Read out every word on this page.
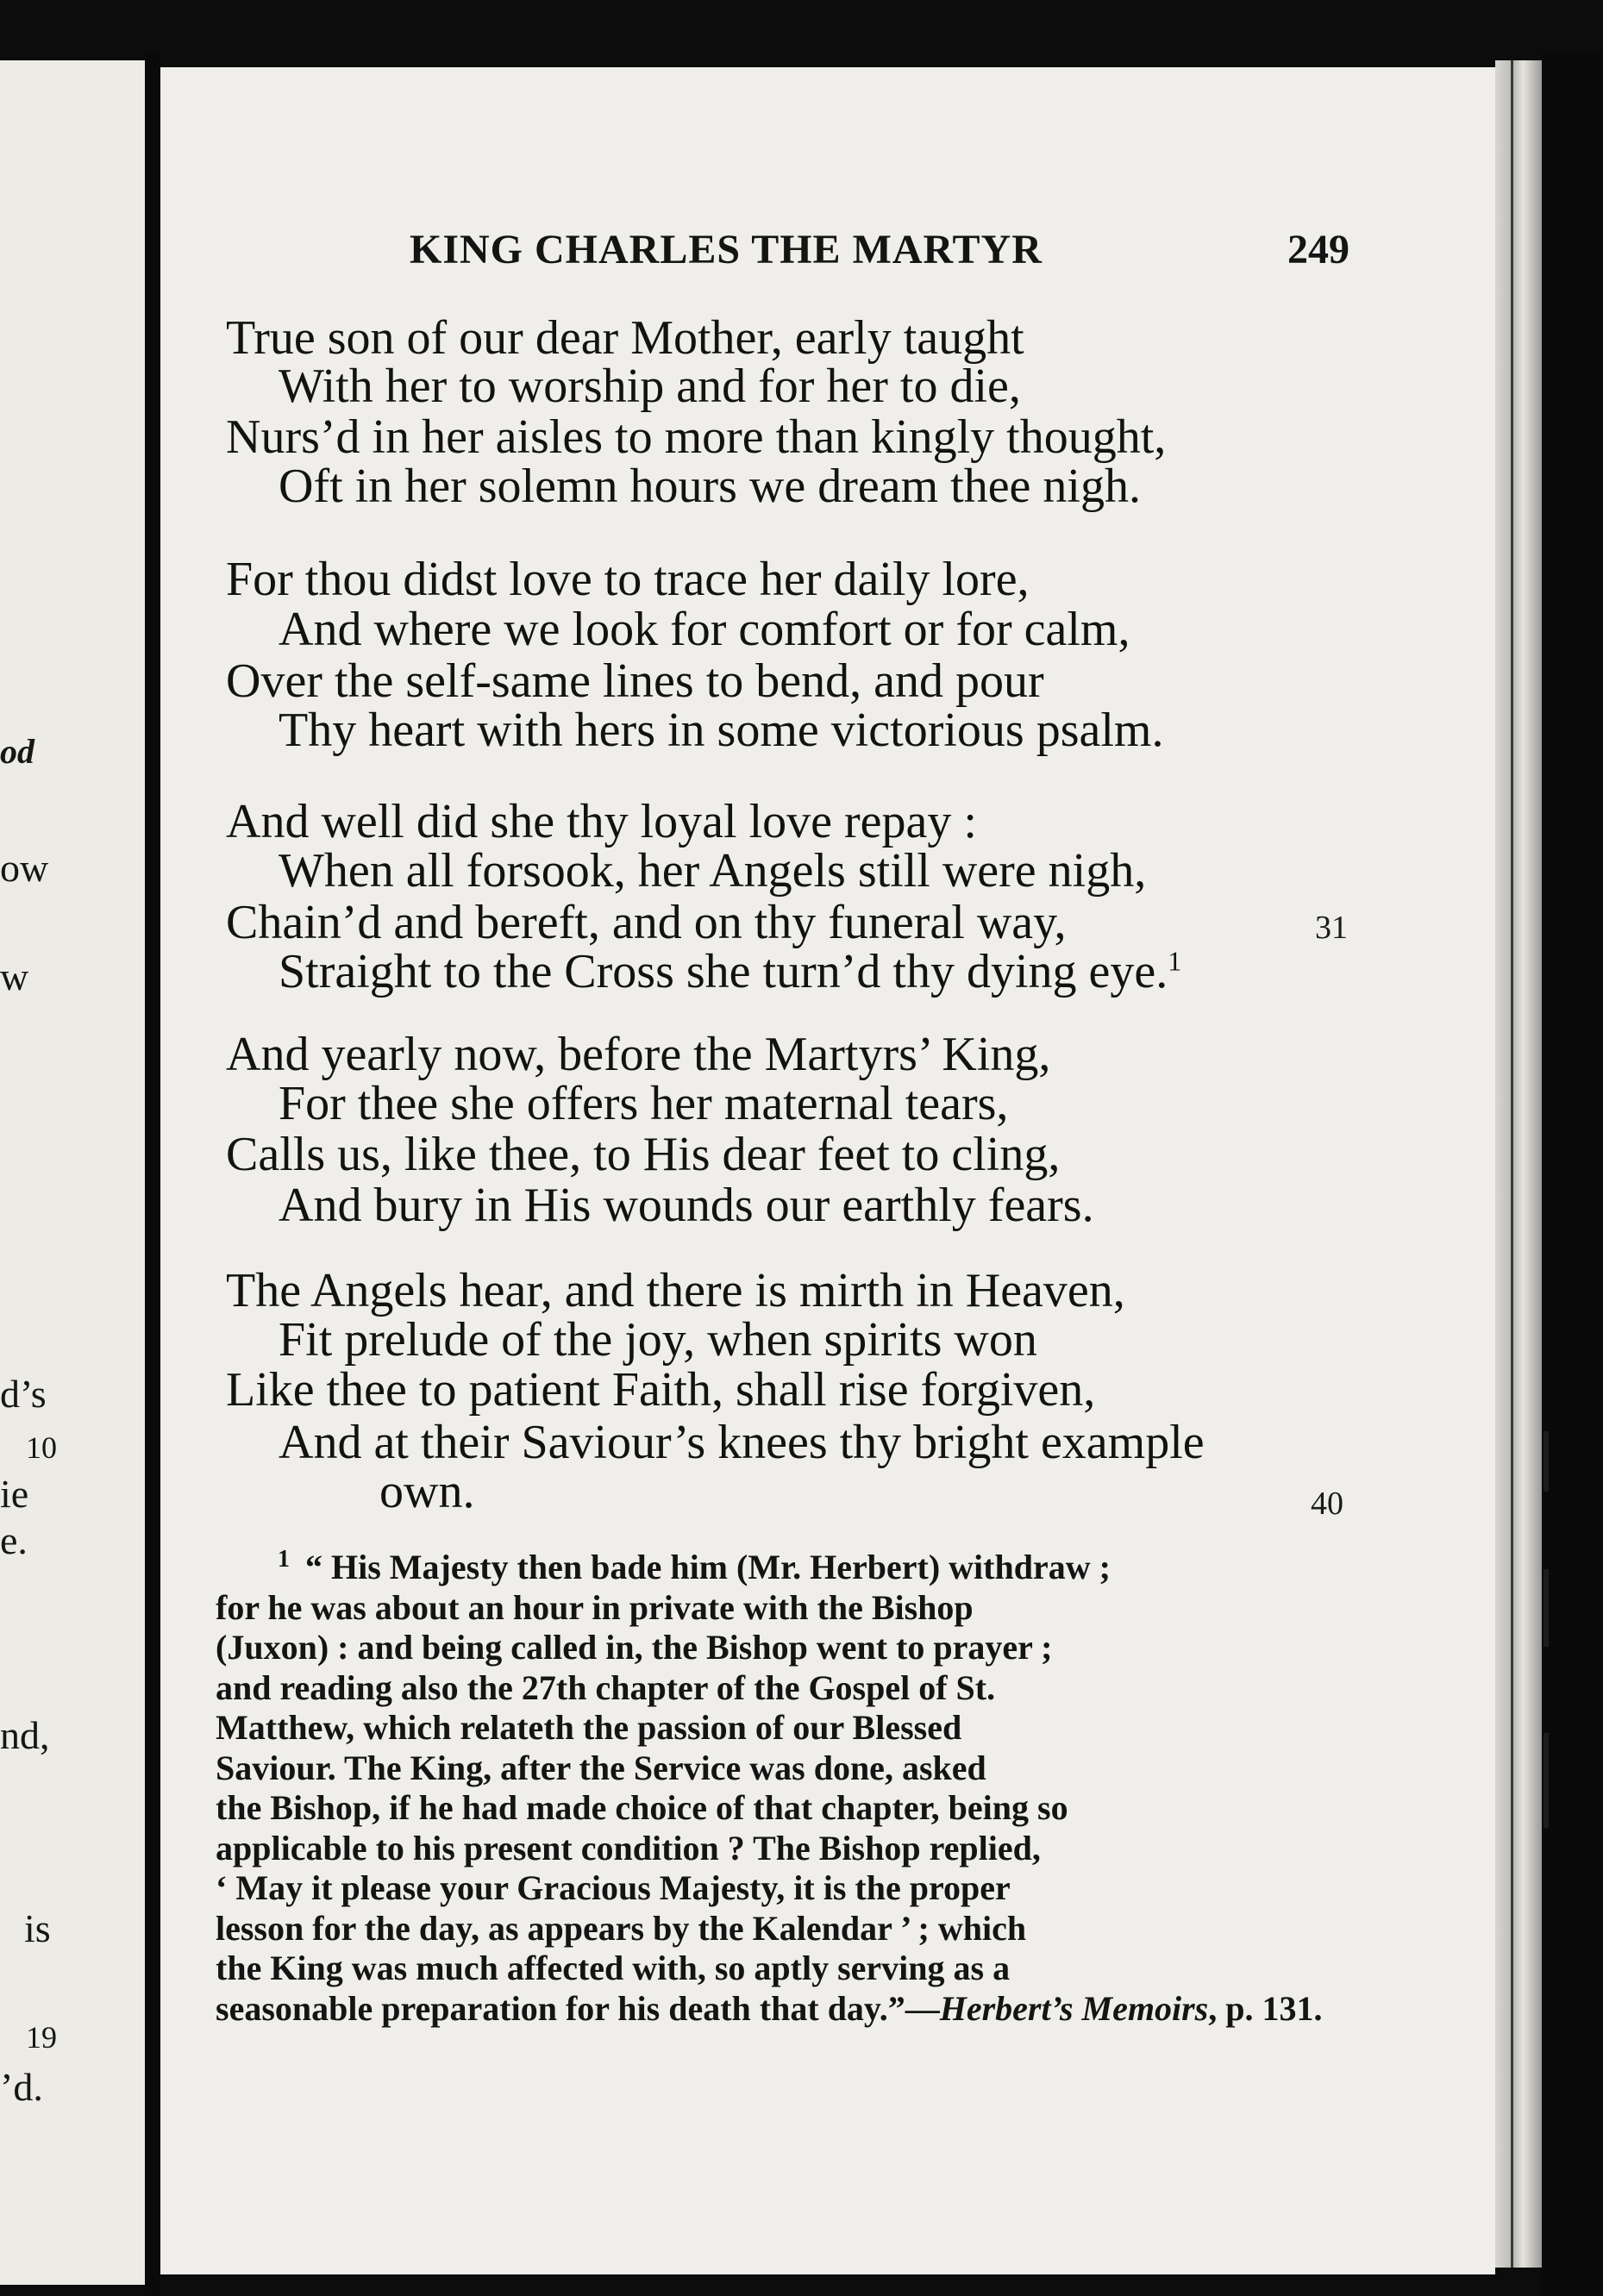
od
ow
w
d’s
10
ie
e.
nd,
is
19
’d.
KING CHARLES THE MARTYR	249
True son of our dear Mother, early taught
With her to worship and for her to die,
Nurs’d in her aisles to more than kingly thought,
Oft in her solemn hours we dream thee nigh.
For thou didst love to trace her daily lore,
And where we look for comfort or for calm,
Over the self-same lines to bend, and pour
Thy heart with hers in some victorious psalm.
And well did she thy loyal love repay :
When all forsook, her Angels still were nigh,
Chain’d and bereft, and on thy funeral way,	31
Straight to the Cross she turn’d thy dying eye.$^1$
And yearly now, before the Martyrs’ King,
For thee she offers her maternal tears,
Calls us, like thee, to His dear feet to cling,
And bury in His wounds our earthly fears.
The Angels hear, and there is mirth in Heaven,
Fit prelude of the joy, when spirits won
Like thee to patient Faith, shall rise forgiven,
And at their Saviour’s knees thy bright example
own.	40
$^1$ “ His Majesty then bade him (Mr. Herbert) withdraw ;
for he was about an hour in private with the Bishop
(Juxon) : and being called in, the Bishop went to prayer ;
and reading also the 27th chapter of the Gospel of St.
Matthew, which relateth the passion of our Blessed
Saviour. The King, after the Service was done, asked
the Bishop, if he had made choice of that chapter, being so
applicable to his present condition ? The Bishop replied,
‘ May it please your Gracious Majesty, it is the proper
lesson for the day, as appears by the Kalendar ’ ; which
the King was much affected with, so aptly serving as a
seasonable preparation for his death that day.”—Herbert’s Memoirs, p. 131.
